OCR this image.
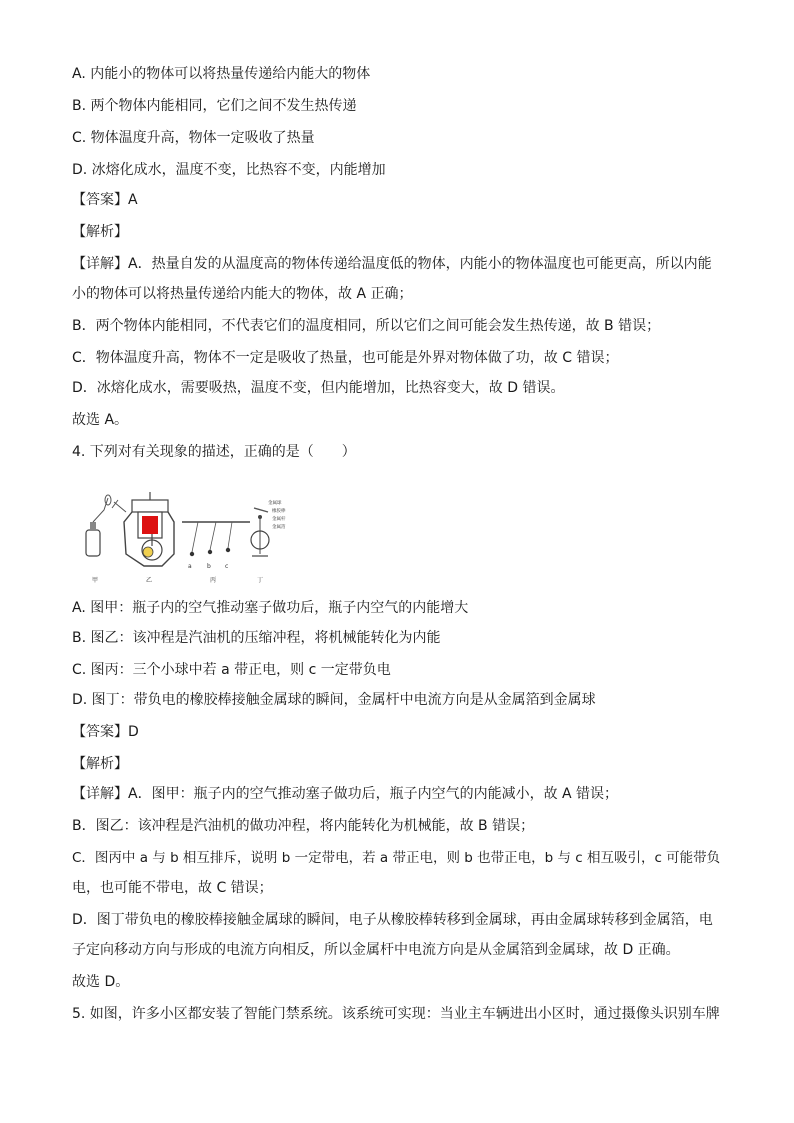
A. 内能小的物体可以将热量传递给内能大的物体
B. 两个物体内能相同，它们之间不发生热传递
C. 物体温度升高，物体一定吸收了热量
D. 冰熔化成水，温度不变，比热容不变，内能增加
【答案】A
【解析】
【详解】A．热量自发的从温度高的物体传递给温度低的物体，内能小的物体温度也可能更高，所以内能
小的物体可以将热量传递给内能大的物体，故 A 正确；
B．两个物体内能相同，不代表它们的温度相同，所以它们之间可能会发生热传递，故 B 错误；
C．物体温度升高，物体不一定是吸收了热量，也可能是外界对物体做了功，故 C 错误；
D．冰熔化成水，需要吸热，温度不变，但内能增加，比热容变大，故 D 错误。
故选 A。
4. 下列对有关现象的描述，正确的是（　　）
a	b c
金属球
橡胶棒
金属杆
金属箔
甲	乙	丙	丁
A. 图甲：瓶子内的空气推动塞子做功后，瓶子内空气的内能增大
B. 图乙：该冲程是汽油机的压缩冲程，将机械能转化为内能
C. 图丙：三个小球中若 a 带正电，则 c 一定带负电
D. 图丁：带负电的橡胶棒接触金属球的瞬间，金属杆中电流方向是从金属箔到金属球
【答案】D
【解析】
【详解】A．图甲：瓶子内的空气推动塞子做功后，瓶子内空气的内能减小，故 A 错误；
B．图乙：该冲程是汽油机的做功冲程，将内能转化为机械能，故 B 错误；
C．图丙中 a 与 b 相互排斥，说明 b 一定带电，若 a 带正电，则 b 也带正电，b 与 c 相互吸引，c 可能带负
电，也可能不带电，故 C 错误；
D．图丁带负电的橡胶棒接触金属球的瞬间，电子从橡胶棒转移到金属球，再由金属球转移到金属箔，电
子定向移动方向与形成的电流方向相反，所以金属杆中电流方向是从金属箔到金属球，故 D 正确。
故选 D。
5. 如图，许多小区都安装了智能门禁系统。该系统可实现：当业主车辆进出小区时，通过摄像头识别车牌
